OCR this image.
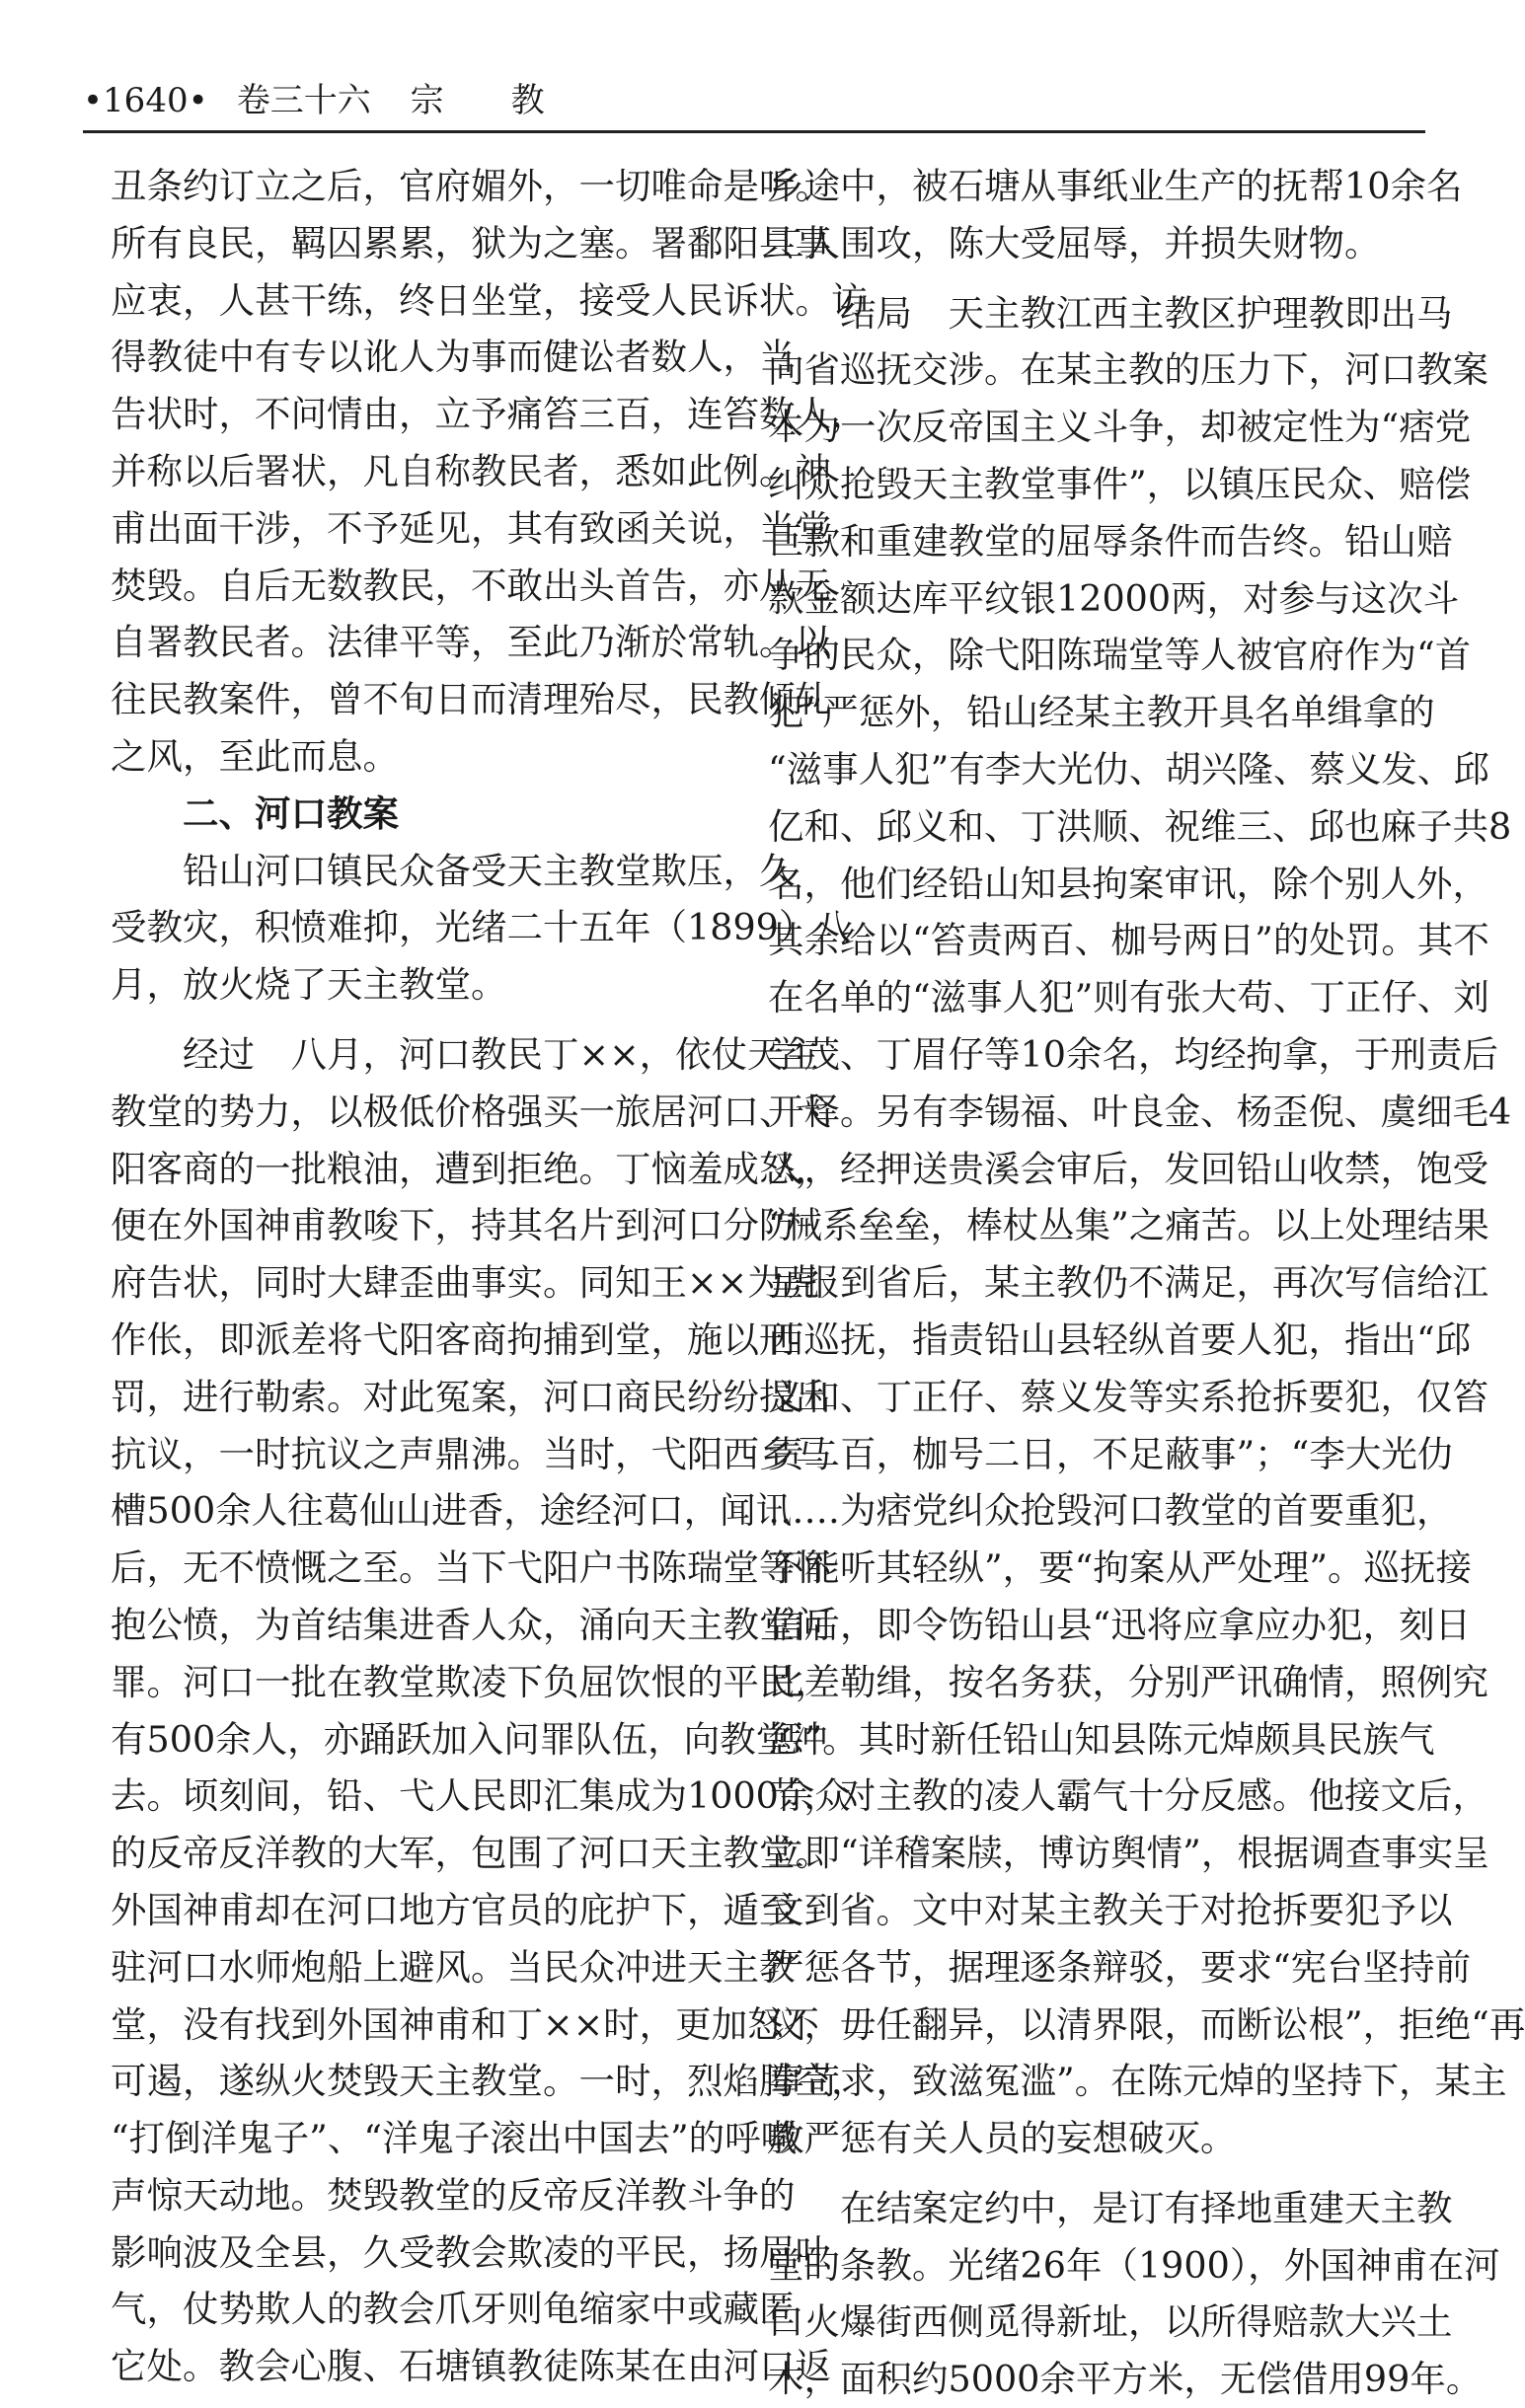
•1640• 卷三十六 宗　　教
丑条约订立之后，官府媚外，一切唯命是听。
所有良民，羁囚累累，狱为之塞。署鄱阳县事
应衷，人甚干练，终日坐堂，接受人民诉状。访
得教徒中有专以讹人为事而健讼者数人，当
告状时，不问情由，立予痛笞三百，连笞数人，
并称以后署状，凡自称教民者，悉如此例。神
甫出面干涉，不予延见，其有致函关说，当堂
焚毁。自后无数教民，不敢出头首告，亦从无
自署教民者。法律平等，至此乃渐於常轨。以
往民教案件，曾不旬日而清理殆尽，民教倾轧
之风，至此而息。
　　二、河口教案
　　铅山河口镇民众备受天主教堂欺压，久
受教灾，积愤难抑，光绪二十五年（1899）八
月，放火烧了天主教堂。
　　经过　八月，河口教民丁××，依仗天主
教堂的势力，以极低价格强买一旅居河口、弋
阳客商的一批粮油，遭到拒绝。丁恼羞成怒，
便在外国神甫教唆下，持其名片到河口分防
府告状，同时大肆歪曲事实。同知王××为虎
作伥，即派差将弋阳客商拘捕到堂，施以刑
罚，进行勒索。对此冤案，河口商民纷纷提出
抗议，一时抗议之声鼎沸。当时，弋阳西乡马
槽500余人往葛仙山进香，途经河口，闻讯
后，无不愤慨之至。当下弋阳户书陈瑞堂等怀
抱公愤，为首结集进香人众，涌向天主教堂问
罪。河口一批在教堂欺凌下负屈饮恨的平民，
有500余人，亦踊跃加入问罪队伍，向教堂冲
去。顷刻间，铅、弋人民即汇集成为1000余众
的反帝反洋教的大军，包围了河口天主教堂。
外国神甫却在河口地方官员的庇护下，遁至
驻河口水师炮船上避风。当民众冲进天主教
堂，没有找到外国神甫和丁××时，更加怒不
可遏，遂纵火焚毁天主教堂。一时，烈焰腾空，
“打倒洋鬼子”、“洋鬼子滚出中国去”的呼喊
声惊天动地。焚毁教堂的反帝反洋教斗争的
影响波及全县，久受教会欺凌的平民，扬眉吐
气，仗势欺人的教会爪牙则龟缩家中或藏匿
它处。教会心腹、石塘镇教徒陈某在由河口返
乡途中，被石塘从事纸业生产的抚帮10余名
工人围攻，陈大受屈辱，并损失财物。
　　结局　天主教江西主教区护理教即出马
向省巡抚交涉。在某主教的压力下，河口教案
本为一次反帝国主义斗争，却被定性为“痞党
纠众抢毁天主教堂事件”，以镇压民众、赔偿
巨款和重建教堂的屈辱条件而告终。铅山赔
款金额达库平纹银12000两，对参与这次斗
争的民众，除弋阳陈瑞堂等人被官府作为“首
犯”严惩外，铅山经某主教开具名单缉拿的
“滋事人犯”有李大光仂、胡兴隆、蔡义发、邱
亿和、邱义和、丁洪顺、祝维三、邱也麻子共8
名，他们经铅山知县拘案审讯，除个别人外，
其余给以“笞责两百、枷号两日”的处罚。其不
在名单的“滋事人犯”则有张大苟、丁正仔、刘
学茂、丁眉仔等10余名，均经拘拿，于刑责后
开释。另有李锡福、叶良金、杨歪倪、虞细毛4
人，经押送贵溪会审后，发回铅山收禁，饱受
“械系垒垒，棒杖丛集”之痛苦。以上处理结果
呈报到省后，某主教仍不满足，再次写信给江
西巡抚，指责铅山县轻纵首要人犯，指出“邱
义和、丁正仔、蔡义发等实系抢拆要犯，仅笞
责二百，枷号二日，不足蔽事”；“李大光仂
……为痞党纠众抢毁河口教堂的首要重犯，
不能听其轻纵”，要“拘案从严处理”。巡抚接
信后，即令饬铅山县“迅将应拿应办犯，刻日
比差勒缉，按名务获，分别严讯确情，照例究
惩”。其时新任铅山知县陈元焯颇具民族气
节，对主教的凌人霸气十分反感。他接文后，
立即“详稽案牍，博访舆情”，根据调查事实呈
文到省。文中对某主教关于对抢拆要犯予以
严惩各节，据理逐条辩驳，要求“宪台坚持前
议，毋任翻异，以清界限，而断讼根”，拒绝“再
事苛求，致滋冤滥”。在陈元焯的坚持下，某主
教严惩有关人员的妄想破灭。
　　在结案定约中，是订有择地重建天主教
堂的条教。光绪26年（1900），外国神甫在河
口火爆街西侧觅得新址，以所得赔款大兴土
木，面积约5000余平方米，无偿借用99年。
